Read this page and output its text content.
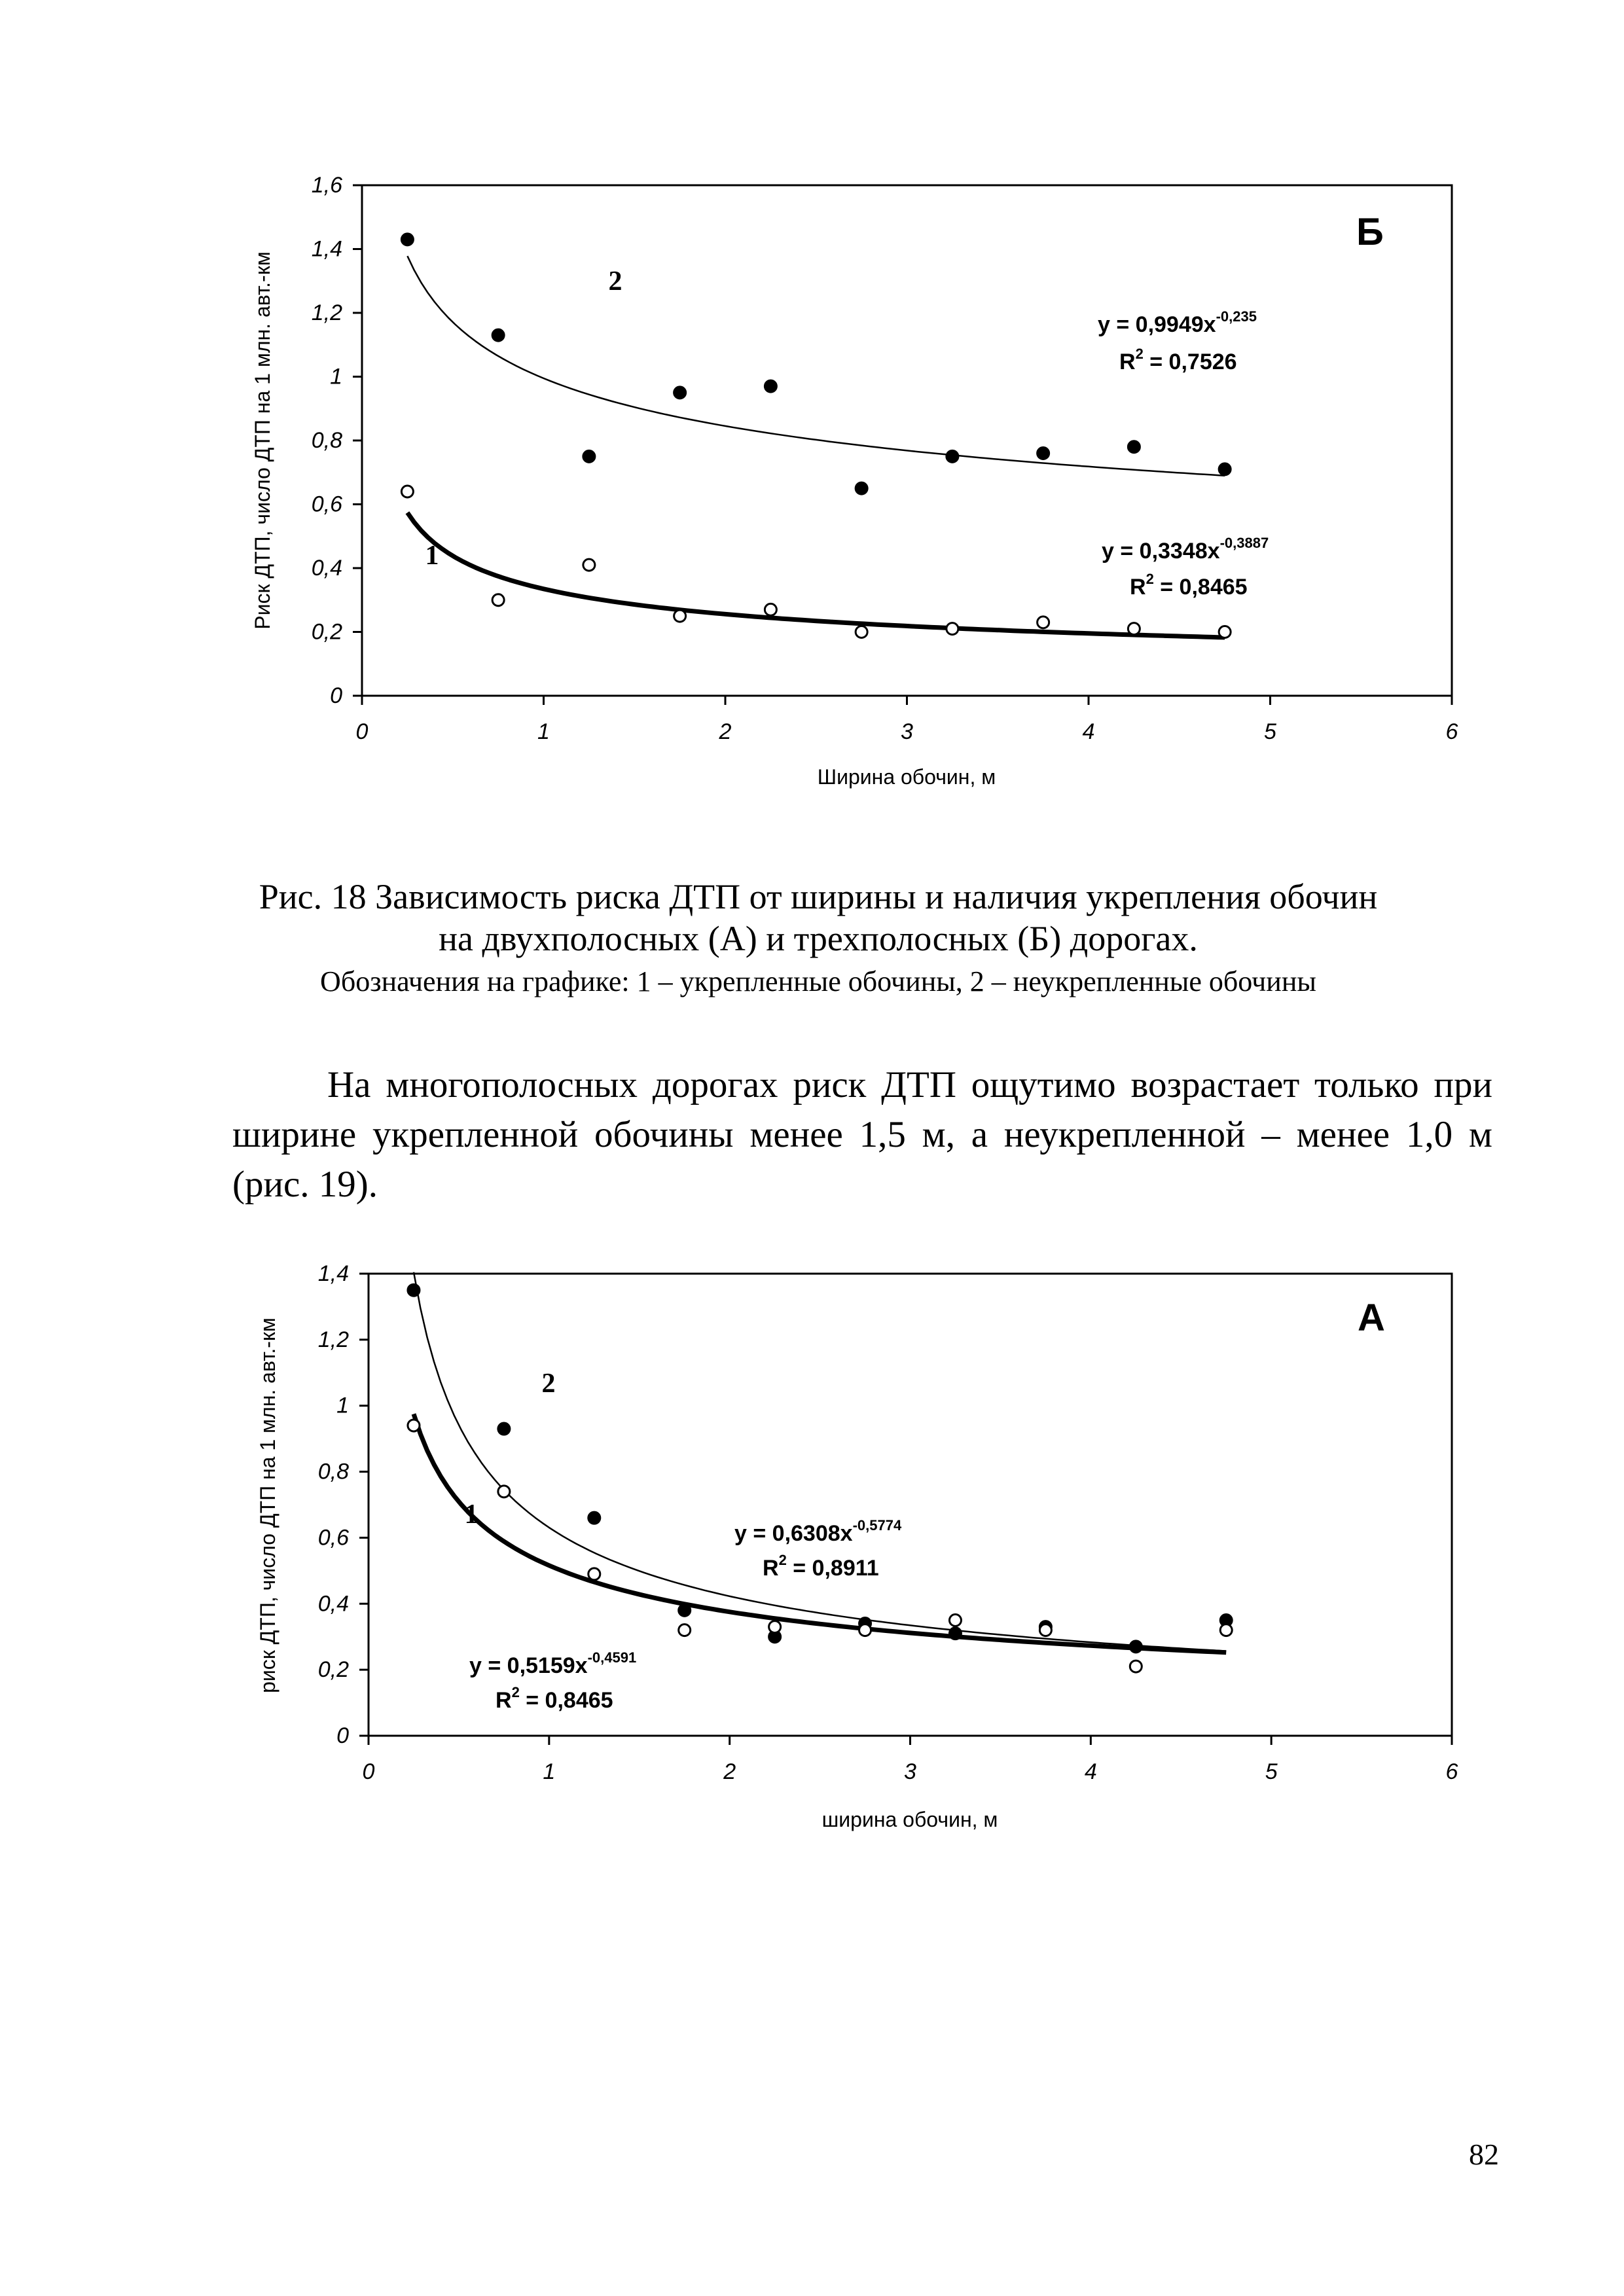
0
0,2
0,4
0,6
0,8
1
1,2
1,4
1,6
0	1	2	3	4	5	6
Риск ДТП, число ДТП на 1 млн. авт.-км
Ширина обочин, м
Б
2
1
$y = 0,9949x^{-0,235}$
$R^2 = 0,7526$
$y = 0,3348x^{-0,3887}$
$R^2 = 0,8465$
Рис. 18 Зависимость риска ДТП от ширины и наличия укрепления обочин
на двухполосных (А) и трехполосных (Б) дорогах.
Обозначения на графике: 1 – укрепленные обочины, 2 – неукрепленные обочины
На многополосных дорогах риск ДТП ощутимо возрастает только при
ширине укрепленной обочины менее 1,5 м, а неукрепленной – менее 1,0 м
(рис. 19).
0
0,2
0,4
0,6
0,8
1
1,2
1,4
0	1	2	3	4	5	6
риск ДТП, число ДТП на 1 млн. авт.-км
ширина обочин, м
А
2
1
$y = 0,6308x^{-0,5774}$
$R^2 = 0,8911$
$y = 0,5159x^{-0,4591}$
$R^2 = 0,8465$
82
